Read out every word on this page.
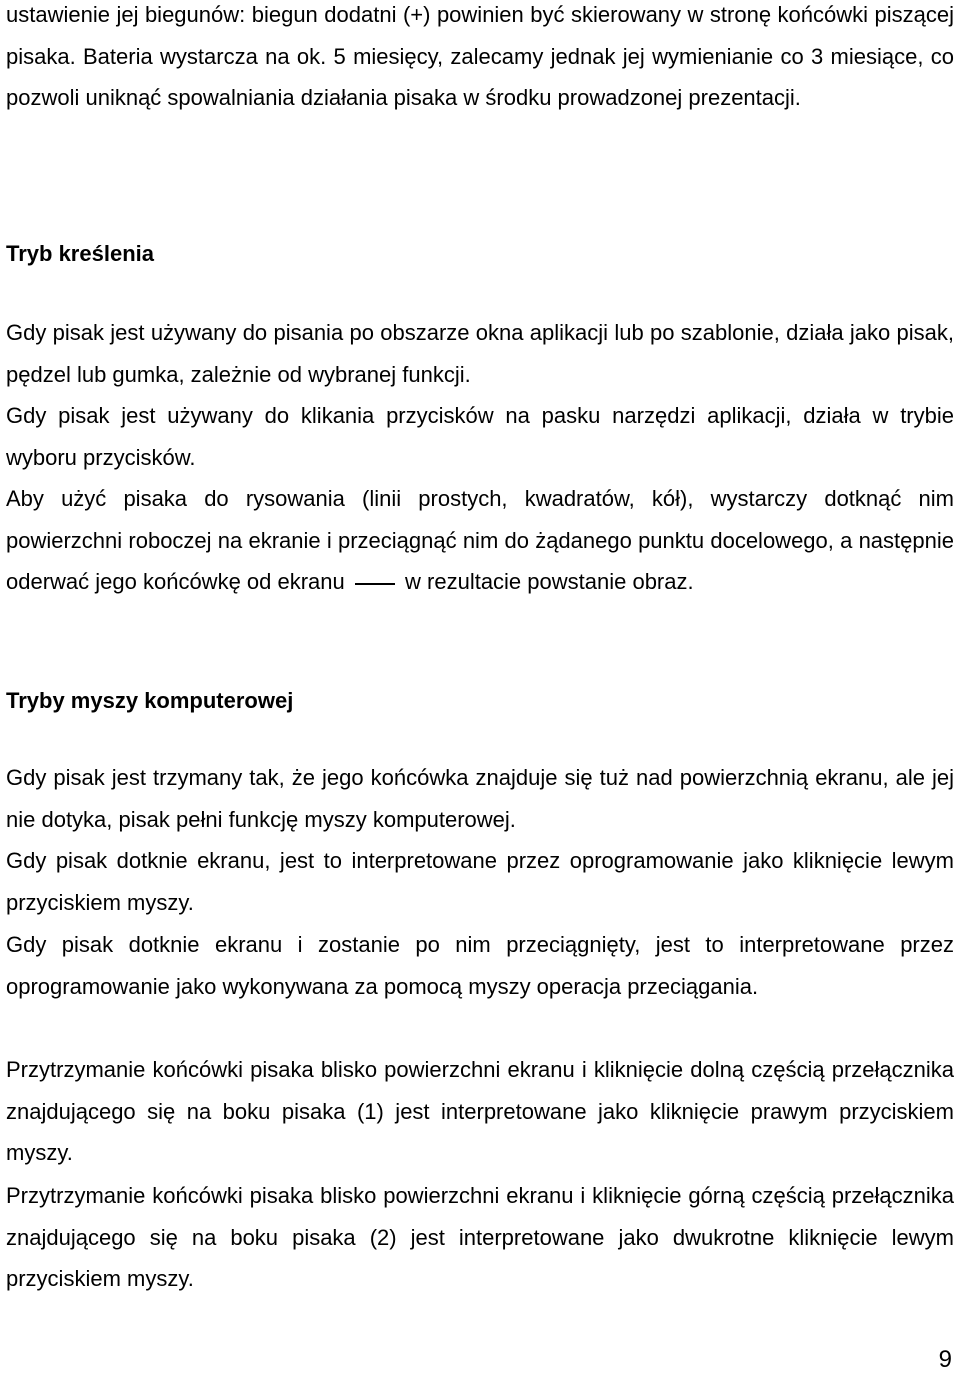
ustawienie jej biegunów: biegun dodatni (+) powinien być skierowany w stronę końcówki piszącej pisaka. Bateria wystarcza na ok. 5 miesięcy, zalecamy jednak jej wymienianie co 3 miesiące, co pozwoli uniknąć spowalniania działania pisaka w środku prowadzonej prezentacji.

Tryb kreślenia

Gdy pisak jest używany do pisania po obszarze okna aplikacji lub po szablonie, działa jako pisak, pędzel lub gumka, zależnie od wybranej funkcji.

Gdy pisak jest używany do klikania przycisków na pasku narzędzi aplikacji, działa w trybie wyboru przycisków.

Aby użyć pisaka do rysowania (linii prostych, kwadratów, kół), wystarczy dotknąć nim powierzchni roboczej na ekranie i przeciągnąć nim do żądanego punktu docelowego, a następnie oderwać jego końcówkę od ekranu	w rezultacie powstanie obraz.

Tryby myszy komputerowej

Gdy pisak jest trzymany tak, że jego końcówka znajduje się tuż nad powierzchnią ekranu, ale jej nie dotyka, pisak pełni funkcję myszy komputerowej.

Gdy pisak dotknie ekranu, jest to interpretowane przez oprogramowanie jako kliknięcie lewym przyciskiem myszy.

Gdy pisak dotknie ekranu i zostanie po nim przeciągnięty, jest to interpretowane przez oprogramowanie jako wykonywana za pomocą myszy operacja przeciągania.

Przytrzymanie końcówki pisaka blisko powierzchni ekranu i kliknięcie dolną częścią przełącznika znajdującego się na boku pisaka (1) jest interpretowane jako kliknięcie prawym przyciskiem myszy.

Przytrzymanie końcówki pisaka blisko powierzchni ekranu i kliknięcie górną częścią przełącznika znajdującego się na boku pisaka (2) jest interpretowane jako dwukrotne kliknięcie lewym przyciskiem myszy.

9
